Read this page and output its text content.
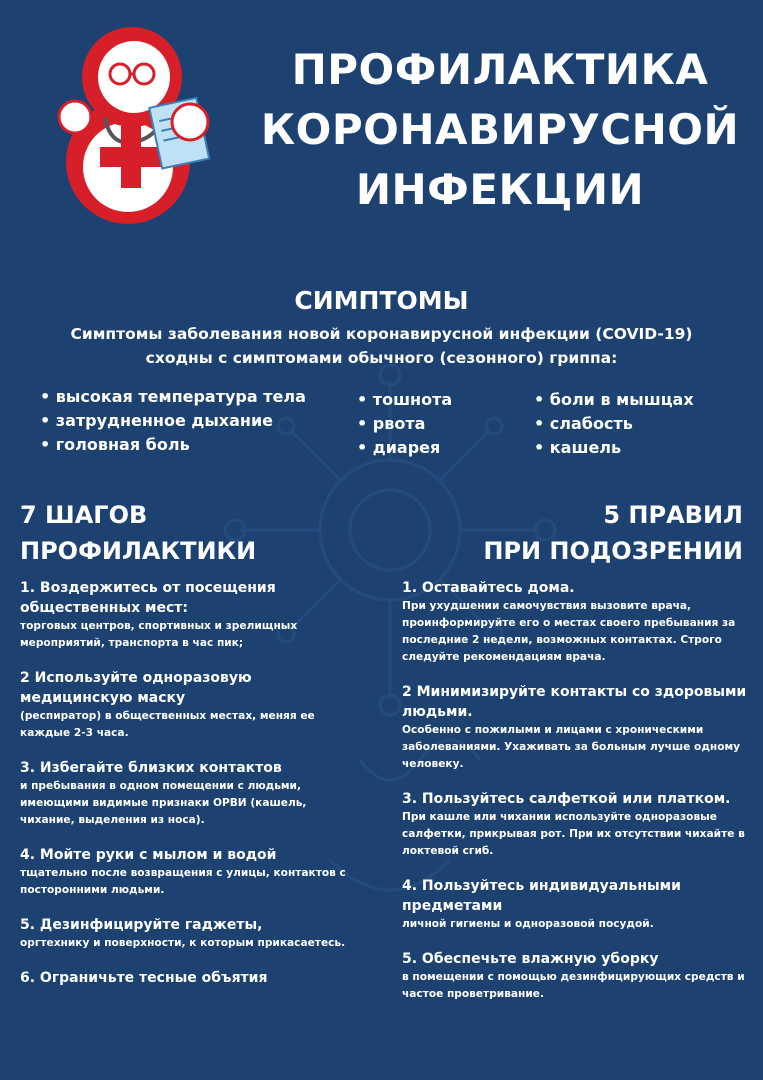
ПРОФИЛАКТИКА
КОРОНАВИРУСНОЙ
ИНФЕКЦИИ
СИМПТОМЫ
Симптомы заболевания новой коронавирусной инфекции (COVID-19)
сходны с симптомами обычного (сезонного) гриппа:
• высокая температура тела
• затрудненное дыхание
• головная боль
• тошнота
• рвота
• диарея
• боли в мышцах
• слабость
• кашель
7 ШАГОВ
ПРОФИЛАКТИКИ
5 ПРАВИЛ
ПРИ ПОДОЗРЕНИИ
1. Воздержитесь от посещения общественных мест:
торговых центров, спортивных и зрелищных мероприятий, транспорта в час пик;
2 Используйте одноразовую медицинскую маску
(респиратор) в общественных местах, меняя ее каждые 2-3 часа.
3. Избегайте близких контактов
и пребывания в одном помещении с людьми, имеющими видимые признаки ОРВИ (кашель, чихание, выделения из носа).
4. Мойте руки с мылом и водой
тщательно после возвращения с улицы, контактов с посторонними людьми.
5. Дезинфицируйте гаджеты,
оргтехнику и поверхности, к которым прикасаетесь.
6. Ограничьте тесные объятия
1. Оставайтесь дома.
При ухудшении самочувствия вызовите врача, проинформируйте его о местах своего пребывания за последние 2 недели, возможных контактах. Строго следуйте рекомендациям врача.
2 Минимизируйте контакты со здоровыми людьми.
Особенно с пожилыми и лицами с хроническими заболеваниями. Ухаживать за больным лучше одному человеку.
3. Пользуйтесь салфеткой или платком.
При кашле или чихании используйте одноразовые салфетки, прикрывая рот. При их отсутствии чихайте в локтевой сгиб.
4. Пользуйтесь индивидуальными предметами
личной гигиены и одноразовой посудой.
5. Обеспечьте влажную уборку
в помещении с помощью дезинфицирующих средств и частое проветривание.
